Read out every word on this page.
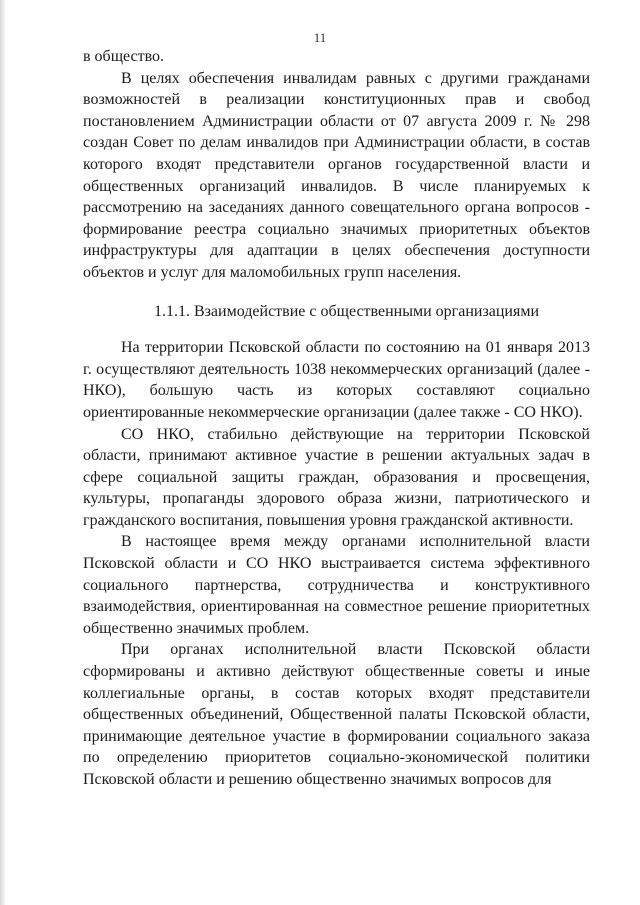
11

в общество.

В целях обеспечения инвалидам равных с другими гражданами возможностей в реализации конституционных прав и свобод постановлением Администрации области от 07 августа 2009 г. № 298 создан Совет по делам инвалидов при Администрации области, в состав которого входят представители органов государственной власти и общественных организаций инвалидов. В числе планируемых к рассмотрению на заседаниях данного совещательного органа вопросов - формирование реестра социально значимых приоритетных объектов инфраструктуры для адаптации в целях обеспечения доступности объектов и услуг для маломобильных групп населения.

1.1.1. Взаимодействие с общественными организациями

На территории Псковской области по состоянию на 01 января 2013 г. осуществляют деятельность 1038 некоммерческих организаций (далее - НКО), большую часть из которых составляют социально ориентированные некоммерческие организации (далее также - СО НКО).

СО НКО, стабильно действующие на территории Псковской области, принимают активное участие в решении актуальных задач в сфере социальной защиты граждан, образования и просвещения, культуры, пропаганды здорового образа жизни, патриотического и гражданского воспитания, повышения уровня гражданской активности.

В настоящее время между органами исполнительной власти Псковской области и СО НКО выстраивается система эффективного социального партнерства, сотрудничества и конструктивного взаимодействия, ориентированная на совместное решение приоритетных общественно значимых проблем.

При органах исполнительной власти Псковской области сформированы и активно действуют общественные советы и иные коллегиальные органы, в состав которых входят представители общественных объединений, Общественной палаты Псковской области, принимающие деятельное участие в формировании социального заказа по определению приоритетов социально-экономической политики Псковской области и решению общественно значимых вопросов для
